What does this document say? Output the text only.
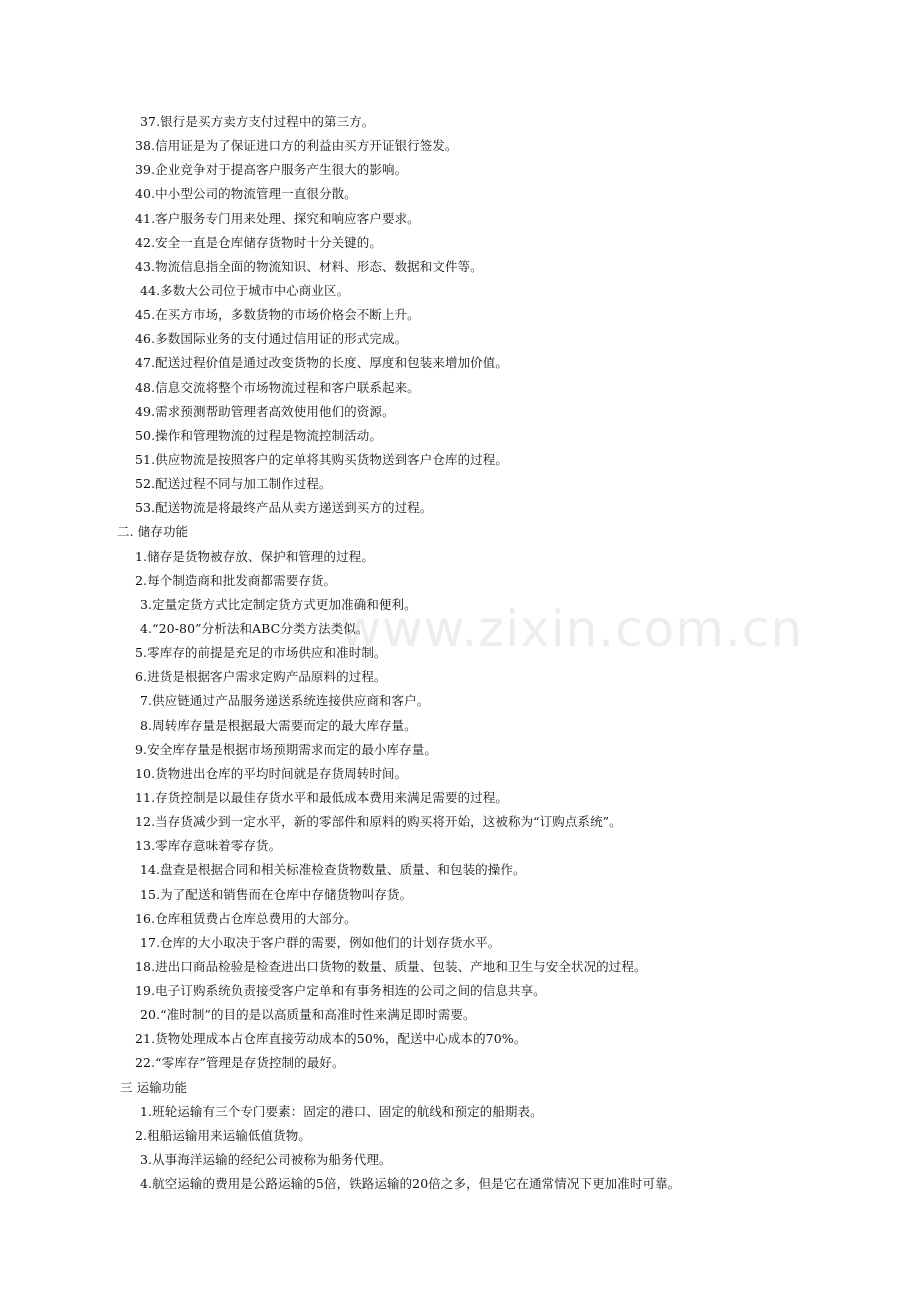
www.zixin.com.cn
37.银行是买方卖方支付过程中的第三方。
38.信用证是为了保证进口方的利益由买方开证银行签发。
39.企业竞争对于提高客户服务产生很大的影响。
40.中小型公司的物流管理一直很分散。
41.客户服务专门用来处理、探究和响应客户要求。
42.安全一直是仓库储存货物时十分关键的。
43.物流信息指全面的物流知识、材料、形态、数据和文件等。
44.多数大公司位于城市中心商业区。
45.在买方市场，多数货物的市场价格会不断上升。
46.多数国际业务的支付通过信用证的形式完成。
47.配送过程价值是通过改变货物的长度、厚度和包装来增加价值。
48.信息交流将整个市场物流过程和客户联系起来。
49.需求预测帮助管理者高效使用他们的资源。
50.操作和管理物流的过程是物流控制活动。
51.供应物流是按照客户的定单将其购买货物送到客户仓库的过程。
52.配送过程不同与加工制作过程。
53.配送物流是将最终产品从卖方递送到买方的过程。
二. 储存功能
1.储存是货物被存放、保护和管理的过程。
2.每个制造商和批发商都需要存货。
3.定量定货方式比定制定货方式更加准确和便利。
4.“20-80”分析法和ABC分类方法类似。
5.零库存的前提是充足的市场供应和准时制。
6.进货是根据客户需求定购产品原料的过程。
7.供应链通过产品服务递送系统连接供应商和客户。
8.周转库存量是根据最大需要而定的最大库存量。
9.安全库存量是根据市场预期需求而定的最小库存量。
10.货物进出仓库的平均时间就是存货周转时间。
11.存货控制是以最佳存货水平和最低成本费用来满足需要的过程。
12.当存货减少到一定水平，新的零部件和原料的购买将开始，这被称为“订购点系统”。
13.零库存意味着零存货。
14.盘查是根据合同和相关标准检查货物数量、质量、和包装的操作。
15.为了配送和销售而在仓库中存储货物叫存货。
16.仓库租赁费占仓库总费用的大部分。
17.仓库的大小取决于客户群的需要，例如他们的计划存货水平。
18.进出口商品检验是检查进出口货物的数量、质量、包装、产地和卫生与安全状况的过程。
19.电子订购系统负责接受客户定单和有事务相连的公司之间的信息共享。
20.“准时制”的目的是以高质量和高准时性来满足即时需要。
21.货物处理成本占仓库直接劳动成本的50%，配送中心成本的70%。
22.“零库存”管理是存货控制的最好。
三 运输功能
1.班轮运输有三个专门要素：固定的港口、固定的航线和预定的船期表。
2.租船运输用来运输低值货物。
3.从事海洋运输的经纪公司被称为船务代理。
4.航空运输的费用是公路运输的5倍，铁路运输的20倍之多，但是它在通常情况下更加准时可靠。
